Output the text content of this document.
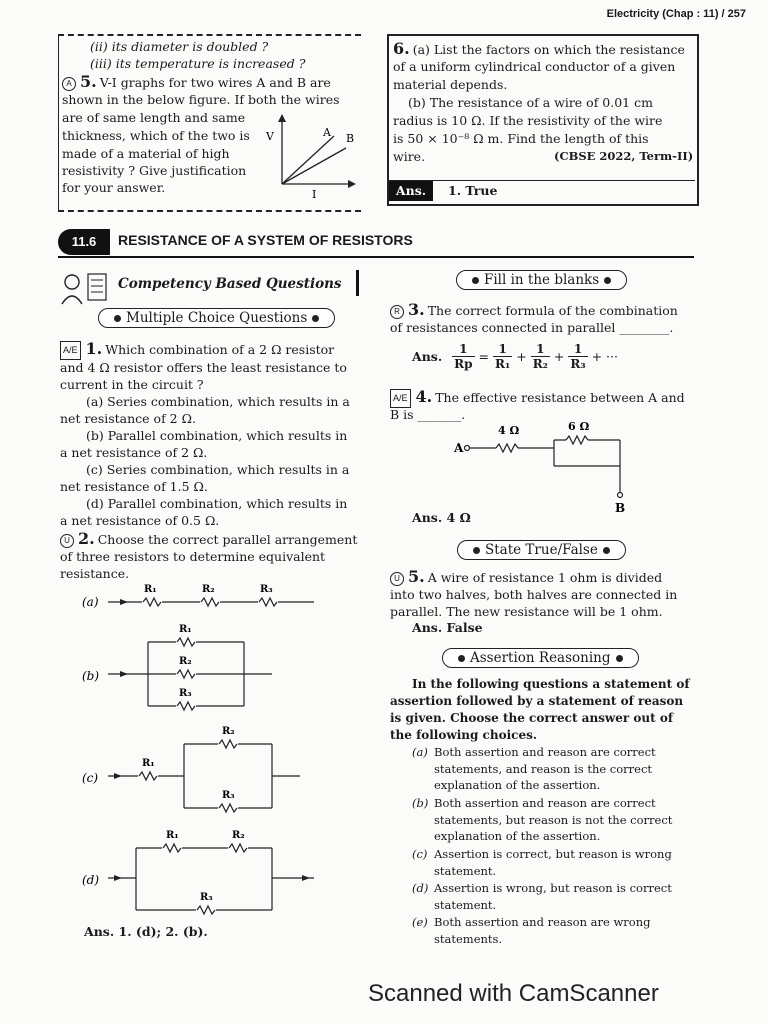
Electricity (Chap : 11) / 257
(ii) its diameter is doubled ?
(iii) its temperature is increased ?
A 5. V-I graphs for two wires A and B are
shown in the below figure. If both the wires
are of same length and same
thickness, which of the two is
made of a material of high
resistivity ? Give justification
for your answer.
V
I
A B
6. (a) List the factors on which the resistance
of a uniform cylindrical conductor of a given
material depends.
(b) The resistance of a wire of 0.01 cm
radius is 10 Ω. If the resistivity of the wire
is 50 × 10⁻⁸ Ω m. Find the length of this
wire.	(CBSE 2022, Term-II)
Ans.	1. True
11.6	RESISTANCE OF A SYSTEM OF RESISTORS
Competency Based Questions
Multiple Choice Questions
A/E 1. Which combination of a 2 Ω resistor
and 4 Ω resistor offers the least resistance to
current in the circuit ?
(a) Series combination, which results in a
net resistance of 2 Ω.
(b) Parallel combination, which results in
a net resistance of 2 Ω.
(c) Series combination, which results in a
net resistance of 1.5 Ω.
(d) Parallel combination, which results in
a net resistance of 0.5 Ω.
U 2. Choose the correct parallel arrangement
of three resistors to determine equivalent
resistance.
(a)
R₁	R₂	R₃
(b)
R₁
R₂
R₃
(c)
R₁
R₂
R₃
(d)
R₁	R₂
R₃
Ans. 1. (d); 2. (b).
Fill in the blanks
R 3. The correct formula of the combination
of resistances connected in parallel ________.
Ans. $\frac{1}{Rp} = \frac{1}{\text{R₁}} + \frac{1}{\text{R₂}} + \frac{1}{\text{R₃}}$ + ···
A/E 4. The effective resistance between A and
B is _______.
A
4 Ω	6 Ω
B
Ans. 4 Ω
State True/False
U 5. A wire of resistance 1 ohm is divided
into two halves, both halves are connected in
parallel. The new resistance will be 1 ohm.
Ans. False
Assertion Reasoning
In the following questions a statement of
assertion followed by a statement of reason
is given. Choose the correct answer out of
the following choices.
(a) Both assertion and reason are correct
statements, and reason is the correct
explanation of the assertion.
(b) Both assertion and reason are correct
statements, but reason is not the correct
explanation of the assertion.
(c) Assertion is correct, but reason is wrong
statement.
(d) Assertion is wrong, but reason is correct
statement.
(e) Both assertion and reason are wrong
statements.
Scanned with CamScanner
